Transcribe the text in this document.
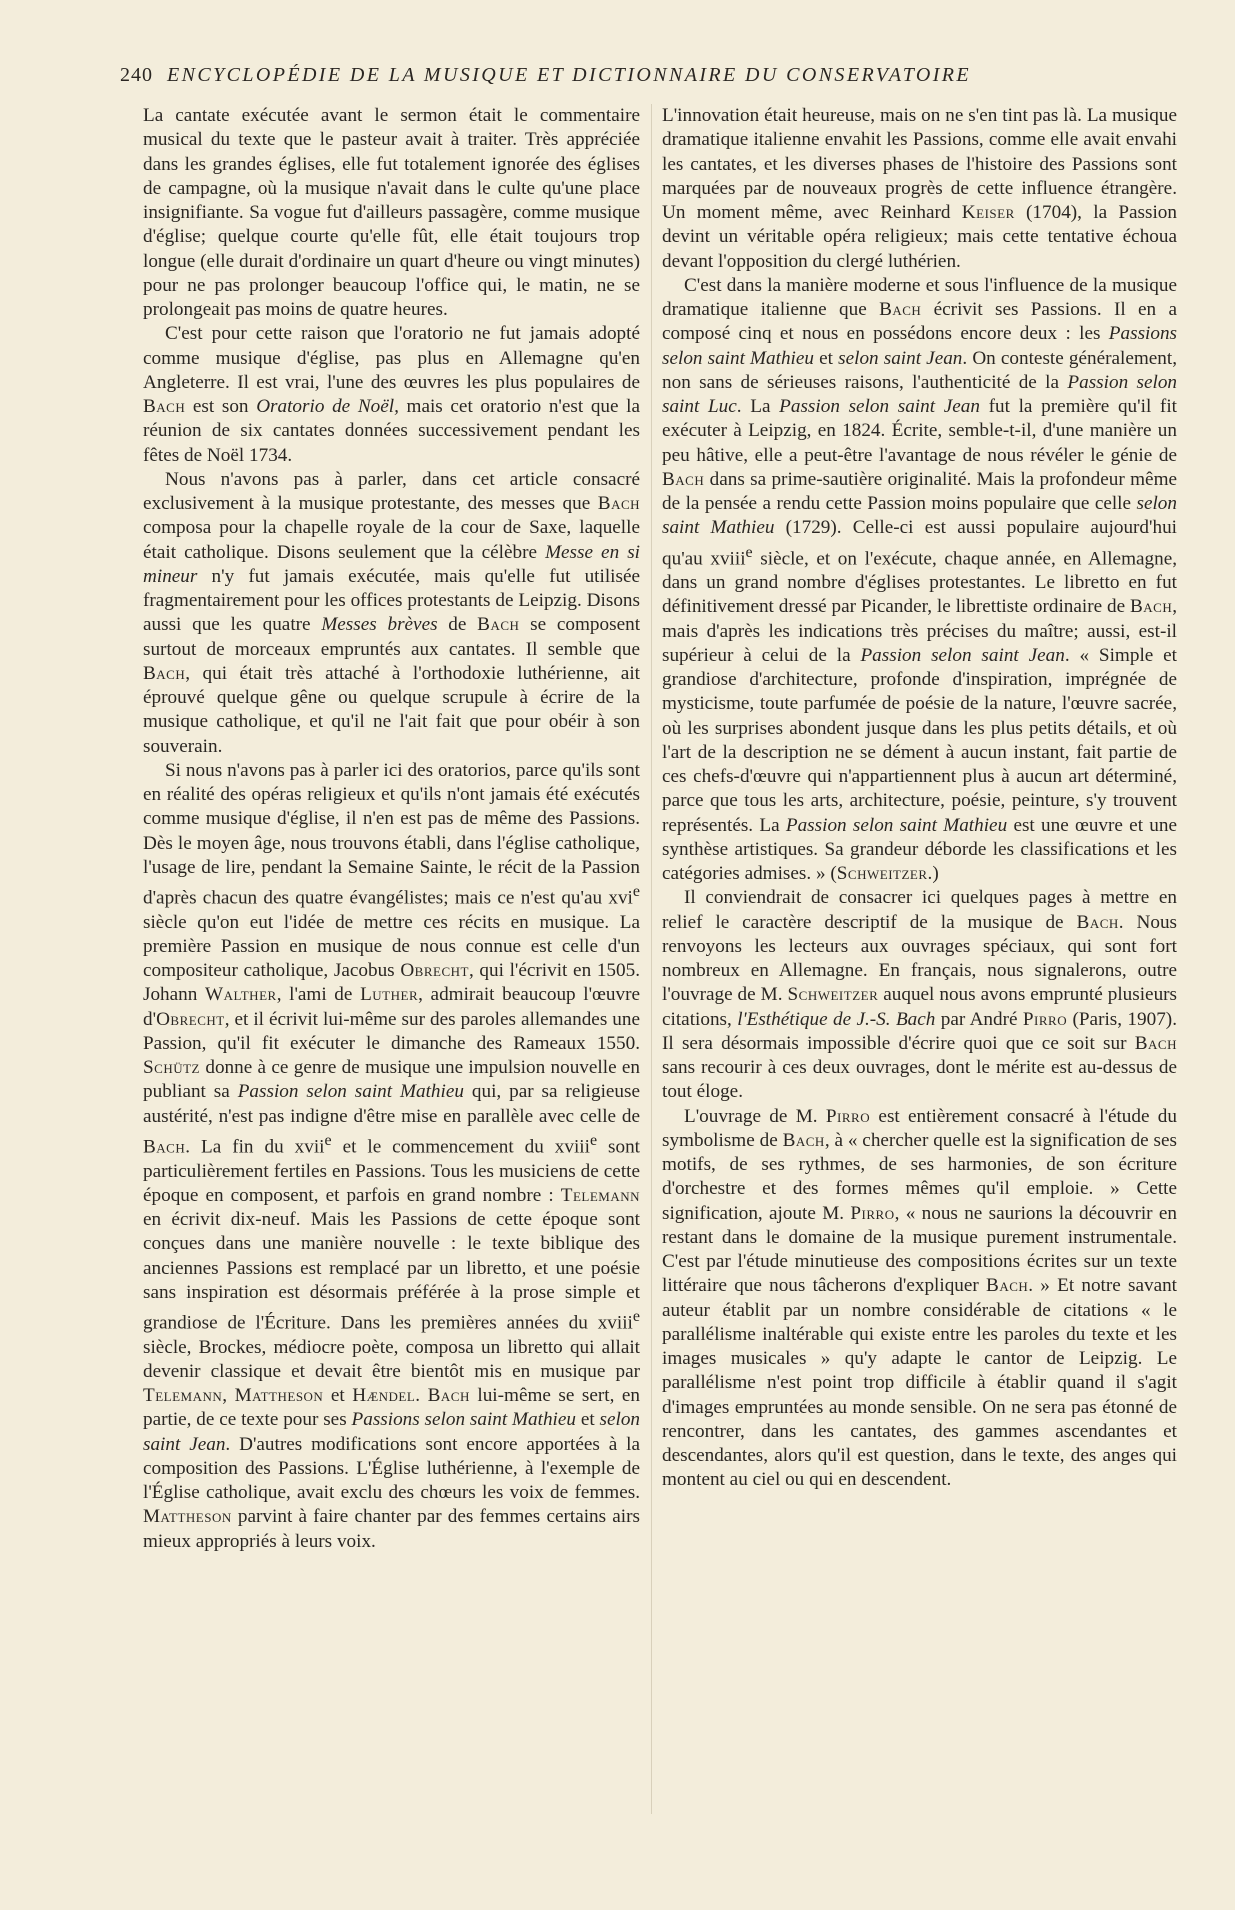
240 ENCYCLOPÉDIE DE LA MUSIQUE ET DICTIONNAIRE DU CONSERVATOIRE

La cantate exécutée avant le sermon était le commentaire musical du texte que le pasteur avait à traiter. Très appréciée dans les grandes églises, elle fut totalement ignorée des églises de campagne, où la musique n'avait dans le culte qu'une place insignifiante. Sa vogue fut d'ailleurs passagère, comme musique d'église; quelque courte qu'elle fût, elle était toujours trop longue (elle durait d'ordinaire un quart d'heure ou vingt minutes) pour ne pas prolonger beaucoup l'office qui, le matin, ne se prolongeait pas moins de quatre heures.

C'est pour cette raison que l'oratorio ne fut jamais adopté comme musique d'église, pas plus en Allemagne qu'en Angleterre. Il est vrai, l'une des œuvres les plus populaires de Bach est son Oratorio de Noël, mais cet oratorio n'est que la réunion de six cantates données successivement pendant les fêtes de Noël 1734.

Nous n'avons pas à parler, dans cet article consacré exclusivement à la musique protestante, des messes que Bach composa pour la chapelle royale de la cour de Saxe, laquelle était catholique. Disons seulement que la célèbre Messe en si mineur n'y fut jamais exécutée, mais qu'elle fut utilisée fragmentairement pour les offices protestants de Leipzig. Disons aussi que les quatre Messes brèves de Bach se composent surtout de morceaux empruntés aux cantates. Il semble que Bach, qui était très attaché à l'orthodoxie luthérienne, ait éprouvé quelque gêne ou quelque scrupule à écrire de la musique catholique, et qu'il ne l'ait fait que pour obéir à son souverain.

Si nous n'avons pas à parler ici des oratorios, parce qu'ils sont en réalité des opéras religieux et qu'ils n'ont jamais été exécutés comme musique d'église, il n'en est pas de même des Passions. Dès le moyen âge, nous trouvons établi, dans l'église catholique, l'usage de lire, pendant la Semaine Sainte, le récit de la Passion d'après chacun des quatre évangélistes; mais ce n'est qu'au xvi$^e$ siècle qu'on eut l'idée de mettre ces récits en musique. La première Passion en musique de nous connue est celle d'un compositeur catholique, Jacobus Obrecht, qui l'écrivit en 1505. Johann Walther, l'ami de Luther, admirait beaucoup l'œuvre d'Obrecht, et il écrivit lui-même sur des paroles allemandes une Passion, qu'il fit exécuter le dimanche des Rameaux 1550. Schütz donne à ce genre de musique une impulsion nouvelle en publiant sa Passion selon saint Mathieu qui, par sa religieuse austérité, n'est pas indigne d'être mise en parallèle avec celle de Bach. La fin du xvii$^e$ et le commencement du xviii$^e$ sont particulièrement fertiles en Passions. Tous les musiciens de cette époque en composent, et parfois en grand nombre : Telemann en écrivit dix-neuf. Mais les Passions de cette époque sont conçues dans une manière nouvelle : le texte biblique des anciennes Passions est remplacé par un libretto, et une poésie sans inspiration est désormais préférée à la prose simple et grandiose de l'Écriture. Dans les premières années du xviii$^e$ siècle, Brockes, médiocre poète, composa un libretto qui allait devenir classique et devait être bientôt mis en musique par Telemann, Mattheson et Hændel. Bach lui-même se sert, en partie, de ce texte pour ses Passions selon saint Mathieu et selon saint Jean. D'autres modifications sont encore apportées à la composition des Passions. L'Église luthérienne, à l'exemple de l'Église catholique, avait exclu des chœurs les voix de femmes. Mattheson parvint à faire chanter par des femmes certains airs mieux appropriés à leurs voix.

L'innovation était heureuse, mais on ne s'en tint pas là. La musique dramatique italienne envahit les Passions, comme elle avait envahi les cantates, et les diverses phases de l'histoire des Passions sont marquées par de nouveaux progrès de cette influence étrangère. Un moment même, avec Reinhard Keiser (1704), la Passion devint un véritable opéra religieux; mais cette tentative échoua devant l'opposition du clergé luthérien.

C'est dans la manière moderne et sous l'influence de la musique dramatique italienne que Bach écrivit ses Passions. Il en a composé cinq et nous en possédons encore deux : les Passions selon saint Mathieu et selon saint Jean. On conteste généralement, non sans de sérieuses raisons, l'authenticité de la Passion selon saint Luc. La Passion selon saint Jean fut la première qu'il fit exécuter à Leipzig, en 1824. Écrite, semble-t-il, d'une manière un peu hâtive, elle a peut-être l'avantage de nous révéler le génie de Bach dans sa prime-sautière originalité. Mais la profondeur même de la pensée a rendu cette Passion moins populaire que celle selon saint Mathieu (1729). Celle-ci est aussi populaire aujourd'hui qu'au xviii$^e$ siècle, et on l'exécute, chaque année, en Allemagne, dans un grand nombre d'églises protestantes. Le libretto en fut définitivement dressé par Picander, le librettiste ordinaire de Bach, mais d'après les indications très précises du maître; aussi, est-il supérieur à celui de la Passion selon saint Jean. « Simple et grandiose d'architecture, profonde d'inspiration, imprégnée de mysticisme, toute parfumée de poésie de la nature, l'œuvre sacrée, où les surprises abondent jusque dans les plus petits détails, et où l'art de la description ne se dément à aucun instant, fait partie de ces chefs-d'œuvre qui n'appartiennent plus à aucun art déterminé, parce que tous les arts, architecture, poésie, peinture, s'y trouvent représentés. La Passion selon saint Mathieu est une œuvre et une synthèse artistiques. Sa grandeur déborde les classifications et les catégories admises. » (Schweitzer.)

Il conviendrait de consacrer ici quelques pages à mettre en relief le caractère descriptif de la musique de Bach. Nous renvoyons les lecteurs aux ouvrages spéciaux, qui sont fort nombreux en Allemagne. En français, nous signalerons, outre l'ouvrage de M. Schweitzer auquel nous avons emprunté plusieurs citations, l'Esthétique de J.-S. Bach par André Pirro (Paris, 1907). Il sera désormais impossible d'écrire quoi que ce soit sur Bach sans recourir à ces deux ouvrages, dont le mérite est au-dessus de tout éloge.

L'ouvrage de M. Pirro est entièrement consacré à l'étude du symbolisme de Bach, à « chercher quelle est la signification de ses motifs, de ses rythmes, de ses harmonies, de son écriture d'orchestre et des formes mêmes qu'il emploie. » Cette signification, ajoute M. Pirro, « nous ne saurions la découvrir en restant dans le domaine de la musique purement instrumentale. C'est par l'étude minutieuse des compositions écrites sur un texte littéraire que nous tâcherons d'expliquer Bach. » Et notre savant auteur établit par un nombre considérable de citations « le parallélisme inaltérable qui existe entre les paroles du texte et les images musicales » qu'y adapte le cantor de Leipzig. Le parallélisme n'est point trop difficile à établir quand il s'agit d'images empruntées au monde sensible. On ne sera pas étonné de rencontrer, dans les cantates, des gammes ascendantes et descendantes, alors qu'il est question, dans le texte, des anges qui montent au ciel ou qui en descendent.
